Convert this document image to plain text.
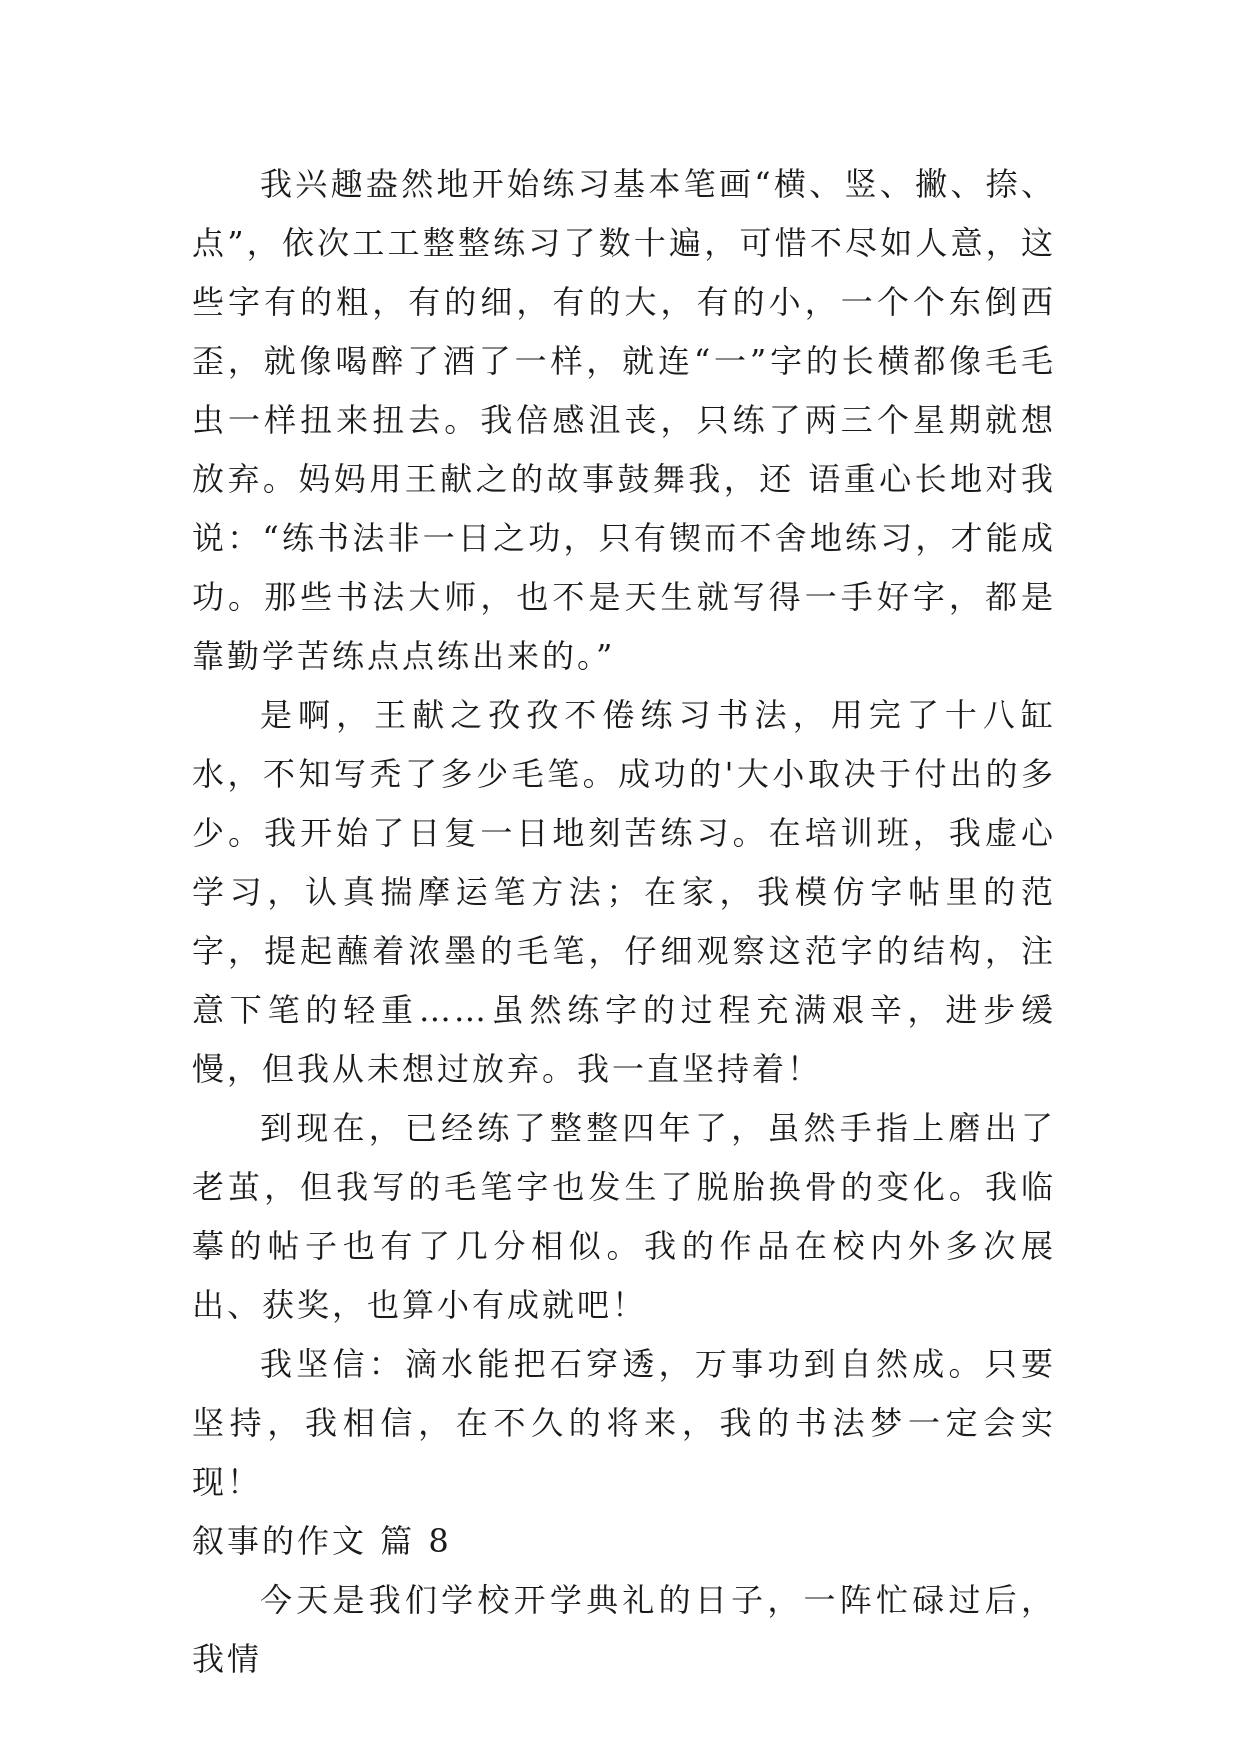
我兴趣盎然地开始练习基本笔画“横、竖、撇、捺、点”，依次工工整整练习了数十遍，可惜不尽如人意，这些字有的粗，有的细，有的大，有的小，一个个东倒西歪，就像喝醉了酒了一样，就连“一”字的长横都像毛毛虫一样扭来扭去。我倍感沮丧，只练了两三个星期就想放弃。妈妈用王献之的故事鼓舞我，还 语重心长地对我说：“练书法非一日之功，只有锲而不舍地练习，才能成功。那些书法大师，也不是天生就写得一手好字，都是靠勤学苦练点点练出来的。”

是啊，王献之孜孜不倦练习书法，用完了十八缸水，不知写秃了多少毛笔。成功的'大小取决于付出的多少。我开始了日复一日地刻苦练习。在培训班，我虚心学习，认真揣摩运笔方法；在家，我模仿字帖里的范字，提起蘸着浓墨的毛笔，仔细观察这范字的结构，注意下笔的轻重……虽然练字的过程充满艰辛，进步缓慢，但我从未想过放弃。我一直坚持着！

到现在，已经练了整整四年了，虽然手指上磨出了老茧，但我写的毛笔字也发生了脱胎换骨的变化。我临摹的帖子也有了几分相似。我的作品在校内外多次展出、获奖，也算小有成就吧！

我坚信：滴水能把石穿透，万事功到自然成。只要坚持，我相信，在不久的将来，我的书法梦一定会实现！

叙事的作文 篇 8

今天是我们学校开学典礼的日子，一阵忙碌过后，我情
